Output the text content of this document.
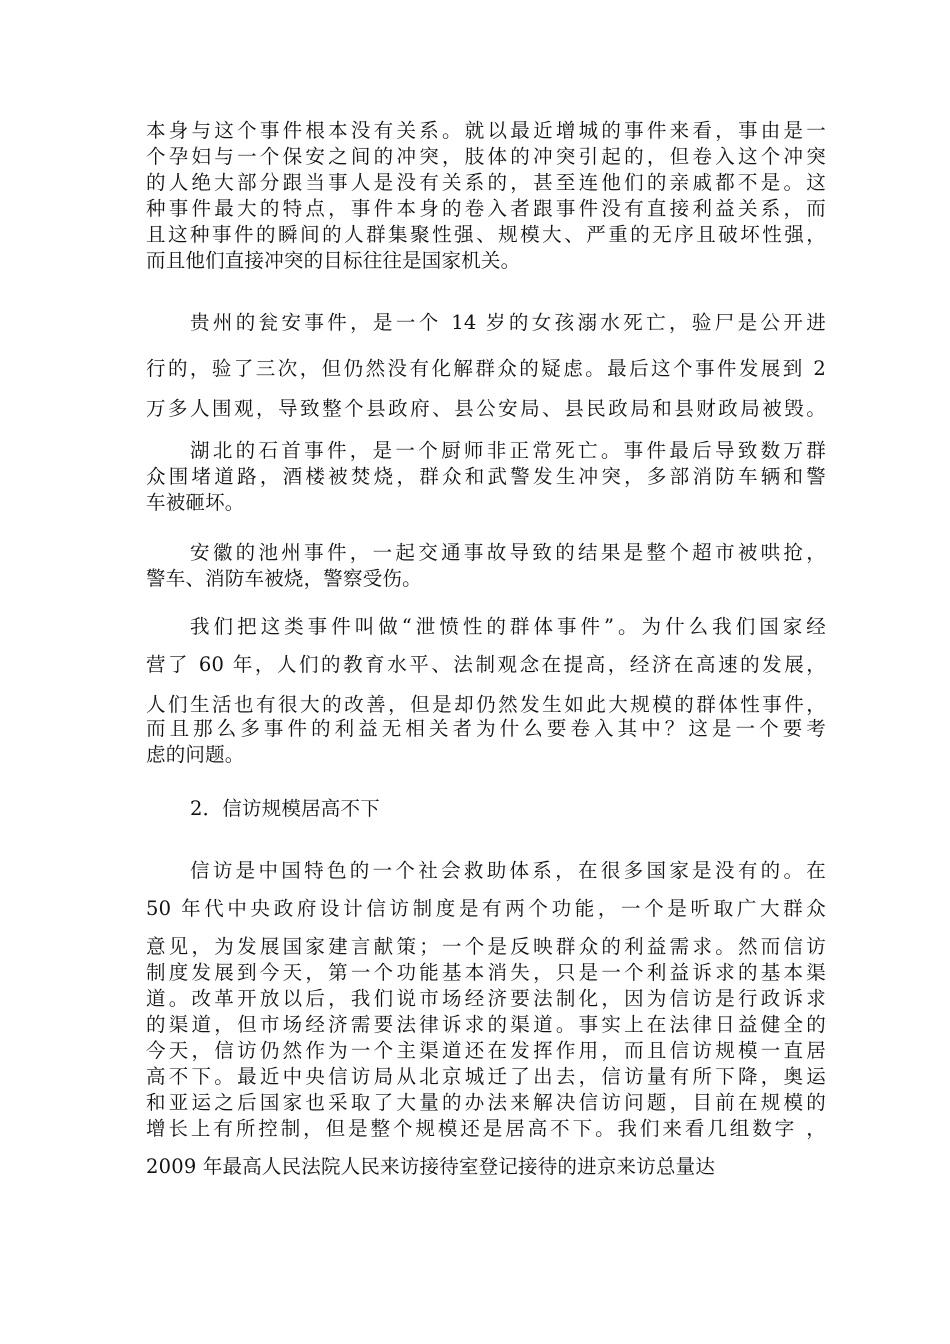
本身与这个事件根本没有关系。就以最近增城的事件来看，事由是一
个孕妇与一个保安之间的冲突，肢体的冲突引起的，但卷入这个冲突
的人绝大部分跟当事人是没有关系的，甚至连他们的亲戚都不是。这
种事件最大的特点，事件本身的卷入者跟事件没有直接利益关系，而
且这种事件的瞬间的人群集聚性强、规模大、严重的无序且破坏性强，
而且他们直接冲突的目标往往是国家机关。
贵州的瓮安事件，是一个 14 岁的女孩溺水死亡，验尸是公开进
行的，验了三次，但仍然没有化解群众的疑虑。最后这个事件发展到 2
万多人围观，导致整个县政府、县公安局、县民政局和县财政局被毁。
湖北的石首事件，是一个厨师非正常死亡。事件最后导致数万群
众围堵道路，酒楼被焚烧，群众和武警发生冲突，多部消防车辆和警
车被砸坏。
安徽的池州事件，一起交通事故导致的结果是整个超市被哄抢，
警车、消防车被烧，警察受伤。
我们把这类事件叫做“泄愤性的群体事件”。为什么我们国家经
营了 60 年，人们的教育水平、法制观念在提高，经济在高速的发展，
人们生活也有很大的改善，但是却仍然发生如此大规模的群体性事件，
而且那么多事件的利益无相关者为什么要卷入其中？这是一个要考
虑的问题。
2．信访规模居高不下
信访是中国特色的一个社会救助体系，在很多国家是没有的。在
50 年代中央政府设计信访制度是有两个功能，一个是听取广大群众
意见，为发展国家建言献策；一个是反映群众的利益需求。然而信访
制度发展到今天，第一个功能基本消失，只是一个利益诉求的基本渠
道。改革开放以后，我们说市场经济要法制化，因为信访是行政诉求
的渠道，但市场经济需要法律诉求的渠道。事实上在法律日益健全的
今天，信访仍然作为一个主渠道还在发挥作用，而且信访规模一直居
高不下。最近中央信访局从北京城迁了出去，信访量有所下降，奥运
和亚运之后国家也采取了大量的办法来解决信访问题，目前在规模的
增长上有所控制，但是整个规模还是居高不下。我们来看几组数字 ，
2009 年最高人民法院人民来访接待室登记接待的进京来访总量达
